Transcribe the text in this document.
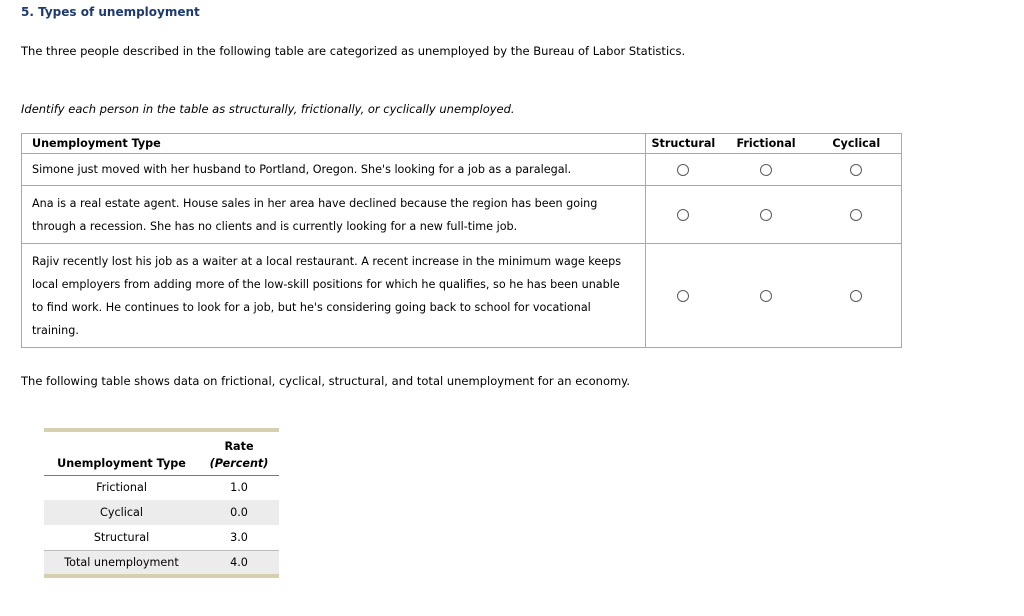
5. Types of unemployment
The three people described in the following table are categorized as unemployed by the Bureau of Labor Statistics.
Identify each person in the table as structurally, frictionally, or cyclically unemployed.
Unemployment Type	Structural	Frictional	Cyclical

Simone just moved with her husband to Portland, Oregon. She's looking for a job as a paralegal.			

Ana is a real estate agent. House sales in her area have declined because the region has been going
through a recession. She has no clients and is currently looking for a new full-time job.			

Rajiv recently lost his job as a waiter at a local restaurant. A recent increase in the minimum wage keeps
local employers from adding more of the low-skill positions for which he qualifies, so he has been unable
to find work. He continues to look for a job, but he's considering going back to school for vocational
training.			

The following table shows data on frictional, cyclical, structural, and total unemployment for an economy.
	Rate
Unemployment Type	(Percent)
Frictional	1.0
Cyclical	0.0
Structural	3.0
Total unemployment	4.0
